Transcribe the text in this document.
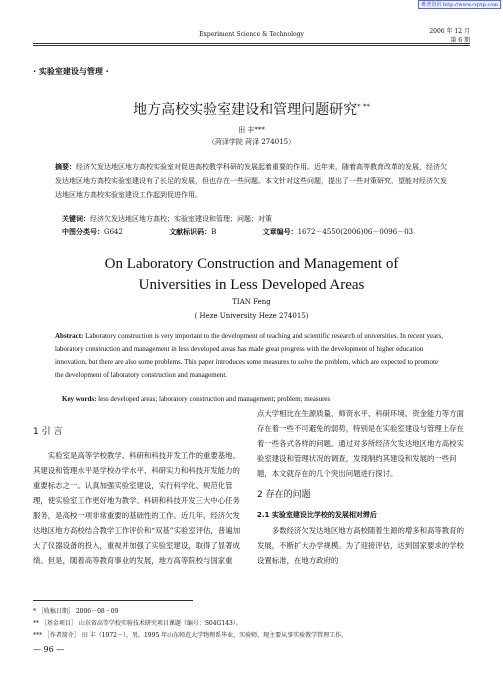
维普资讯 http://www.cqvip.com
Experiment Science & Technology	2006 年 12 月
第 6 期
· 实验室建设与管理 ·
地方高校实验室建设和管理问题研究* **
田 丰***
（菏泽学院 菏泽 274015）
摘要：经济欠发达地区地方高校实验室对促进高校教学科研的发展起着重要的作用。近年来，随着高等教育改革的发展，经济欠发达地区地方高校实验室建设有了长足的发展，但也存在一些问题。本文针对这些问题，提出了一些对策研究，望能对经济欠发达地区地方高校实验室建设工作起到促进作用。
关键词：经济欠发达地区地方高校；实验室建设和管理；问题；对策
中图分类号：G642	文献标识码：B	文章编号：1672－4550(2006)06－0096－03
On Laboratory Construction and Management of
Universities in Less Developed Areas
TIAN Feng
( Heze University Heze 274015)
Abstract: Laboratory construction is very important to the development of teaching and scientific research of universities. In recent years, laboratory construction and management in less developed areas has made great progress with the development of higher education innovation, but there are also some problems. This paper introduces some measures to solve the problem, which are expected to promote the development of laboratory construction and management.
Key words: less developed areas; laboratory construction and management; problem; measures

1 引 言

实验室是高等学校教学、科研和科技开发工作的重要基地。其建设和管理水平是学校办学水平、科研实力和科技开发能力的重要标志之一。认真加强实验室建设，实行科学化、规范化管理，使实验室工作更好地为教学、科研和科技开发三大中心任务服务，是高校一项非常重要的基础性的工作。近几年，经济欠发达地区地方高校结合教学工作评价和“双基”实验室评估，普遍加大了仪器设备的投入，重视并加强了实验室建设，取得了显著成绩。但是，随着高等教育事业的发展，地方高等院校与国家重

点大学相比在生源质量、师资水平、科研环境、资金能力等方面存在着一些不可避免的弱势，特别是在实验室建设与管理上存在着一些各式各样的问题。通过对多所经济欠发达地区地方高校实验室建设和管理状况的调查，发现制约其建设和发展的一些问题，本文就存在的几个突出问题进行探讨。

2 存在的问题

2.1 实验室建设比学校的发展相对滞后

多数经济欠发达地区地方高校随着生源的增多和高等教育的发展，不断扩大办学规模。为了迎接评估，达到国家要求的学校设置标准，在地方政府的

* ［收稿日期］ 2006－08－09
** ［基金项目］ 山东省高等学校实验技术研究项目课题（编号：S04G143）。
*** ［作者简介］ 田 丰（1972－），男，1995 年山东师范大学物理系毕业，实验师，现主要从事实验教学管理工作。
— 96 —
